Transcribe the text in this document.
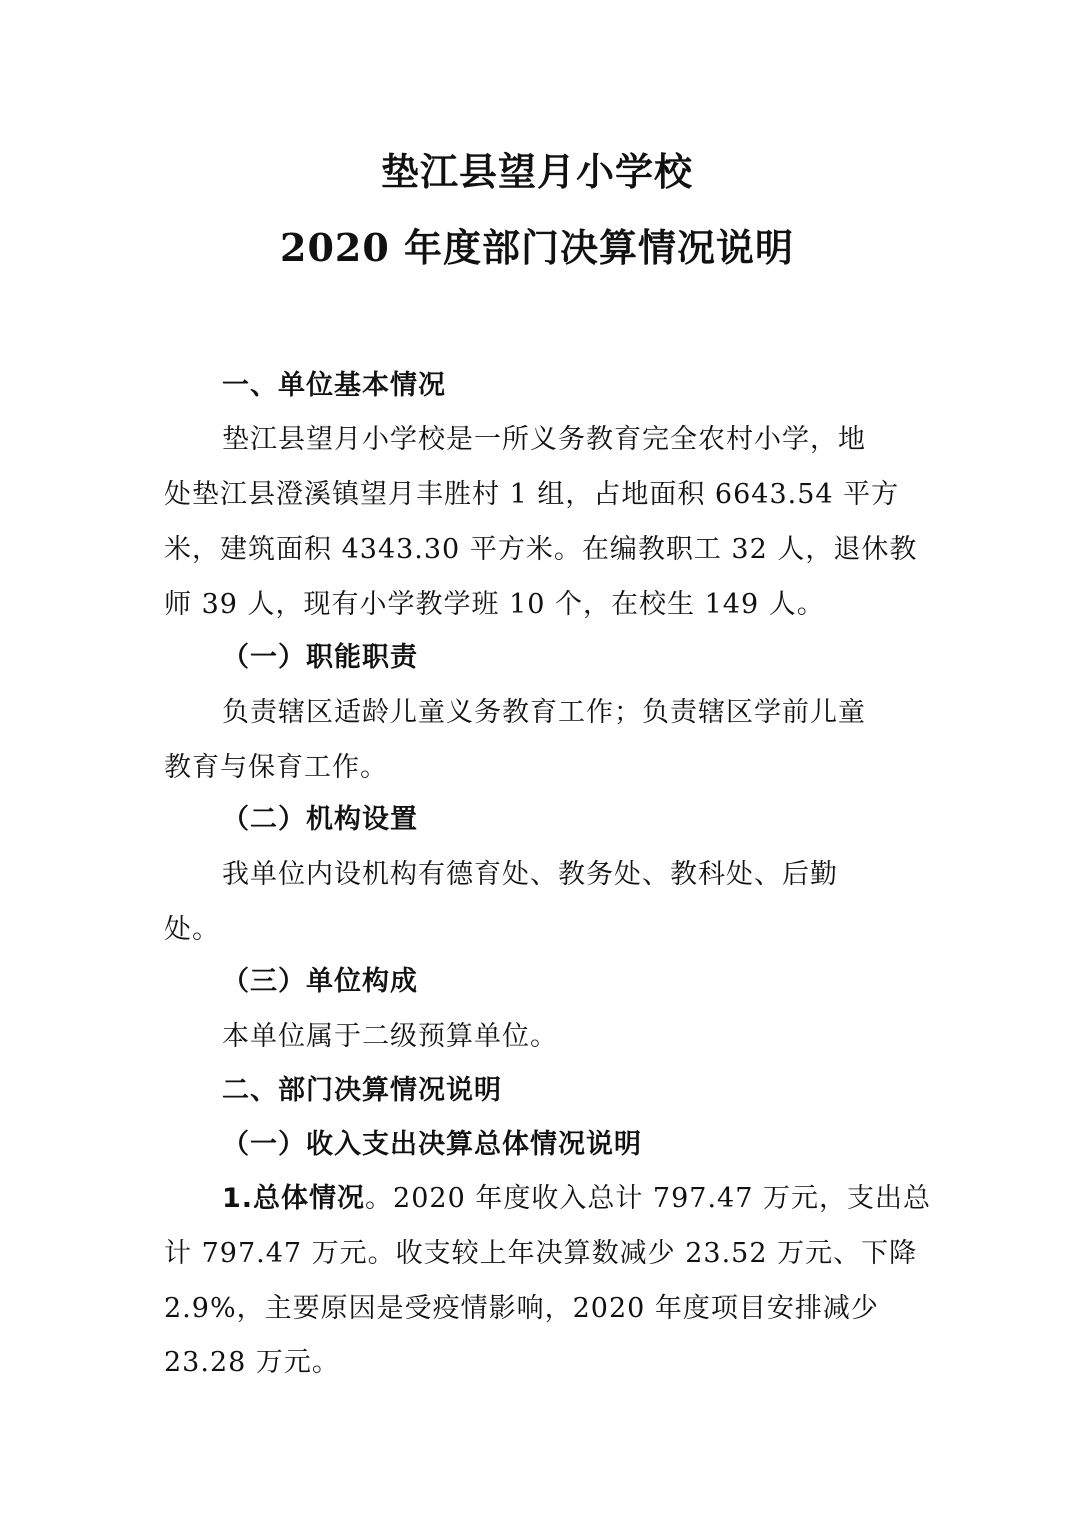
垫江县望月小学校
2020 年度部门决算情况说明
一、单位基本情况
垫江县望月小学校是一所义务教育完全农村小学，地
处垫江县澄溪镇望月丰胜村 1 组，占地面积 6643.54 平方
米，建筑面积 4343.30 平方米。在编教职工 32 人，退休教
师 39 人，现有小学教学班 10 个，在校生 149 人。
（一）职能职责
负责辖区适龄儿童义务教育工作；负责辖区学前儿童
教育与保育工作。
（二）机构设置
我单位内设机构有德育处、教务处、教科处、后勤
处。
（三）单位构成
本单位属于二级预算单位。
二、部门决算情况说明
（一）收入支出决算总体情况说明
1.总体情况。2020 年度收入总计 797.47 万元，支出总
计 797.47 万元。收支较上年决算数减少 23.52 万元、下降
2.9%，主要原因是受疫情影响，2020 年度项目安排减少
23.28 万元。
